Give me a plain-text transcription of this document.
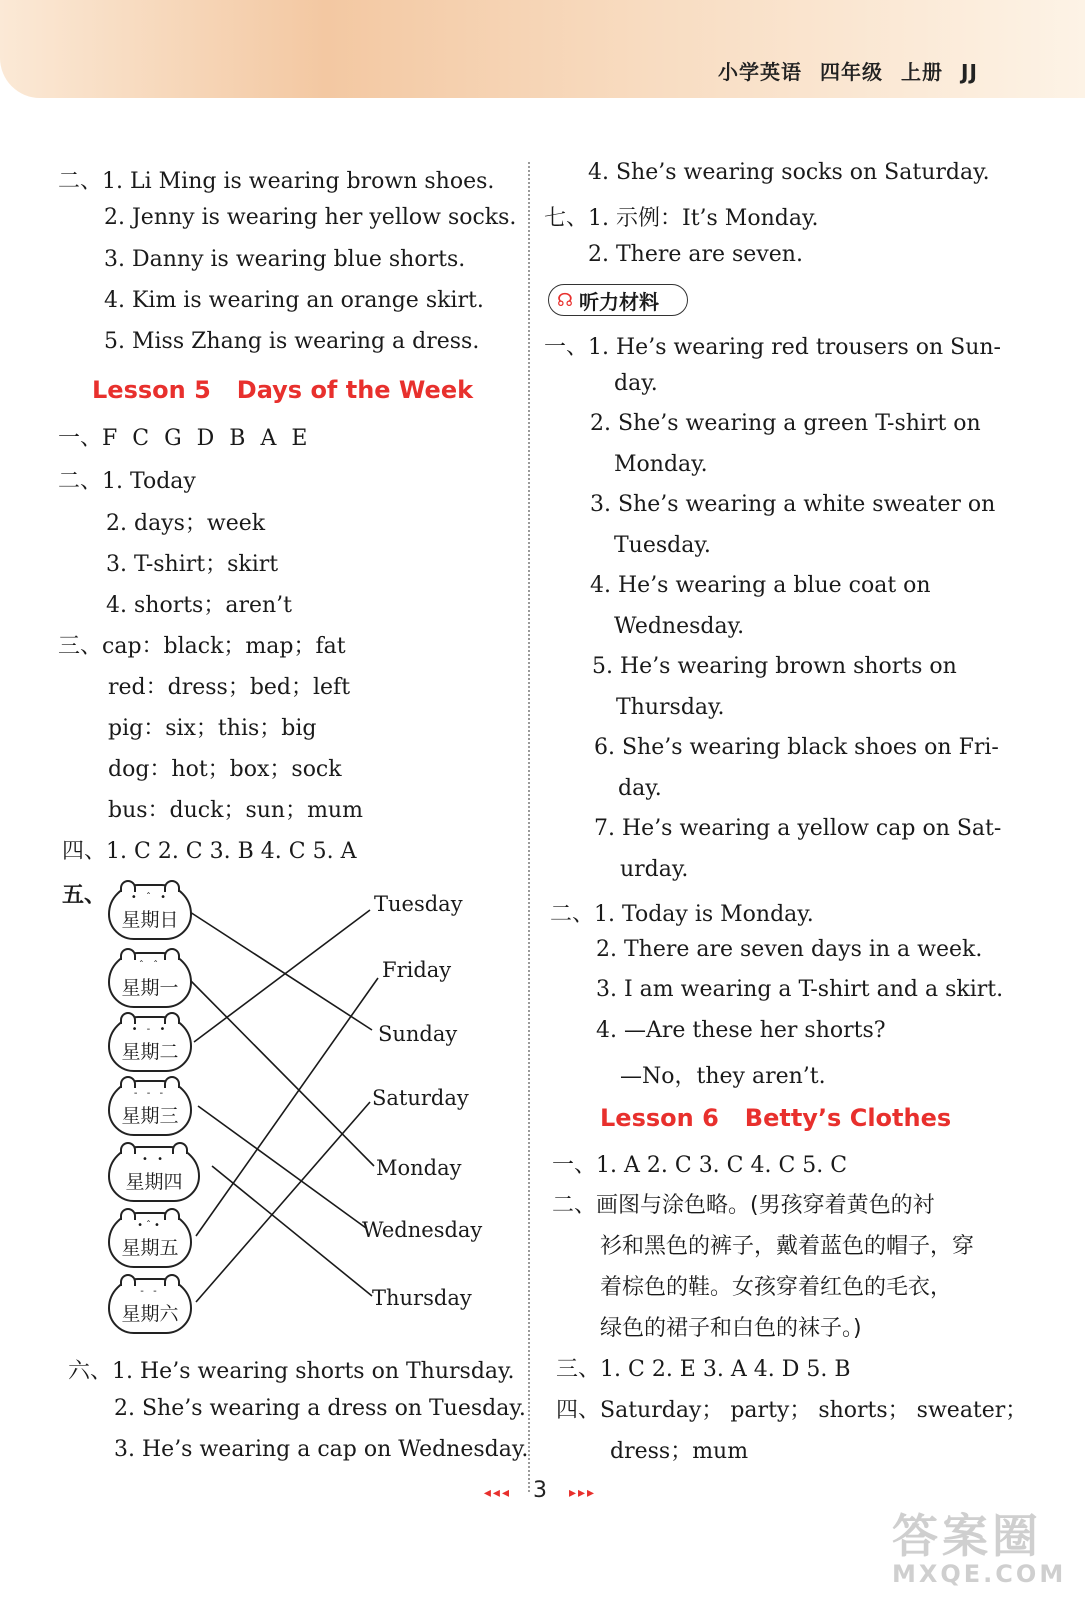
小学英语 四年级 上册 JJ
二、1. Li Ming is wearing brown shoes.
2. Jenny is wearing her yellow socks.
3. Danny is wearing blue shorts.
4. Kim is wearing an orange skirt.
5. Miss Zhang is wearing a dress.
Lesson 5 Days of the Week
一、F C G D B A E
二、1. Today
2. days；week
3. T-shirt；skirt
4. shorts；aren’t
三、cap：black；map；fat
red：dress；bed；left
pig：six；this；big
dog：hot；box；sock
bus：duck；sun；mum
四、1. C 2. C 3. B 4. C 5. A
五、	• ˆ •
星期日
ˆ ˆ
星期一
• - •
星期二
- - -
星期三
• •
星期四
•ˆ•
星期五
- -
星期六
Tuesday
Friday
Sunday
Saturday
Monday
Wednesday
Thursday
六、1. He’s wearing shorts on Thursday.
2. She’s wearing a dress on Tuesday.
3. He’s wearing a cap on Wednesday.
4. She’s wearing socks on Saturday.
七、1. 示例：It’s Monday.
2. There are seven.
☊ 听力材料
一、1. He’s wearing red trousers on Sun-
day.
2. She’s wearing a green T-shirt on
Monday.
3. She’s wearing a white sweater on
Tuesday.
4. He’s wearing a blue coat on
Wednesday.
5. He’s wearing brown shorts on
Thursday.
6. She’s wearing black shoes on Fri-
day.
7. He’s wearing a yellow cap on Sat-
urday.
二、1. Today is Monday.
2. There are seven days in a week.
3. I am wearing a T-shirt and a skirt.
4. —Are these her shorts?
—No，they aren’t.
Lesson 6 Betty’s Clothes
一、1. A 2. C 3. C 4. C 5. C
二、画图与涂色略。(男孩穿着黄色的衬
衫和黑色的裤子，戴着蓝色的帽子，穿
着棕色的鞋。女孩穿着红色的毛衣，
绿色的裙子和白色的袜子。)
三、1. C 2. E 3. A 4. D 5. B
四、Saturday； party； shorts； sweater；
dress；mum
◂◂◂ 3 ▸▸▸
答案圈
MXQE.COM
